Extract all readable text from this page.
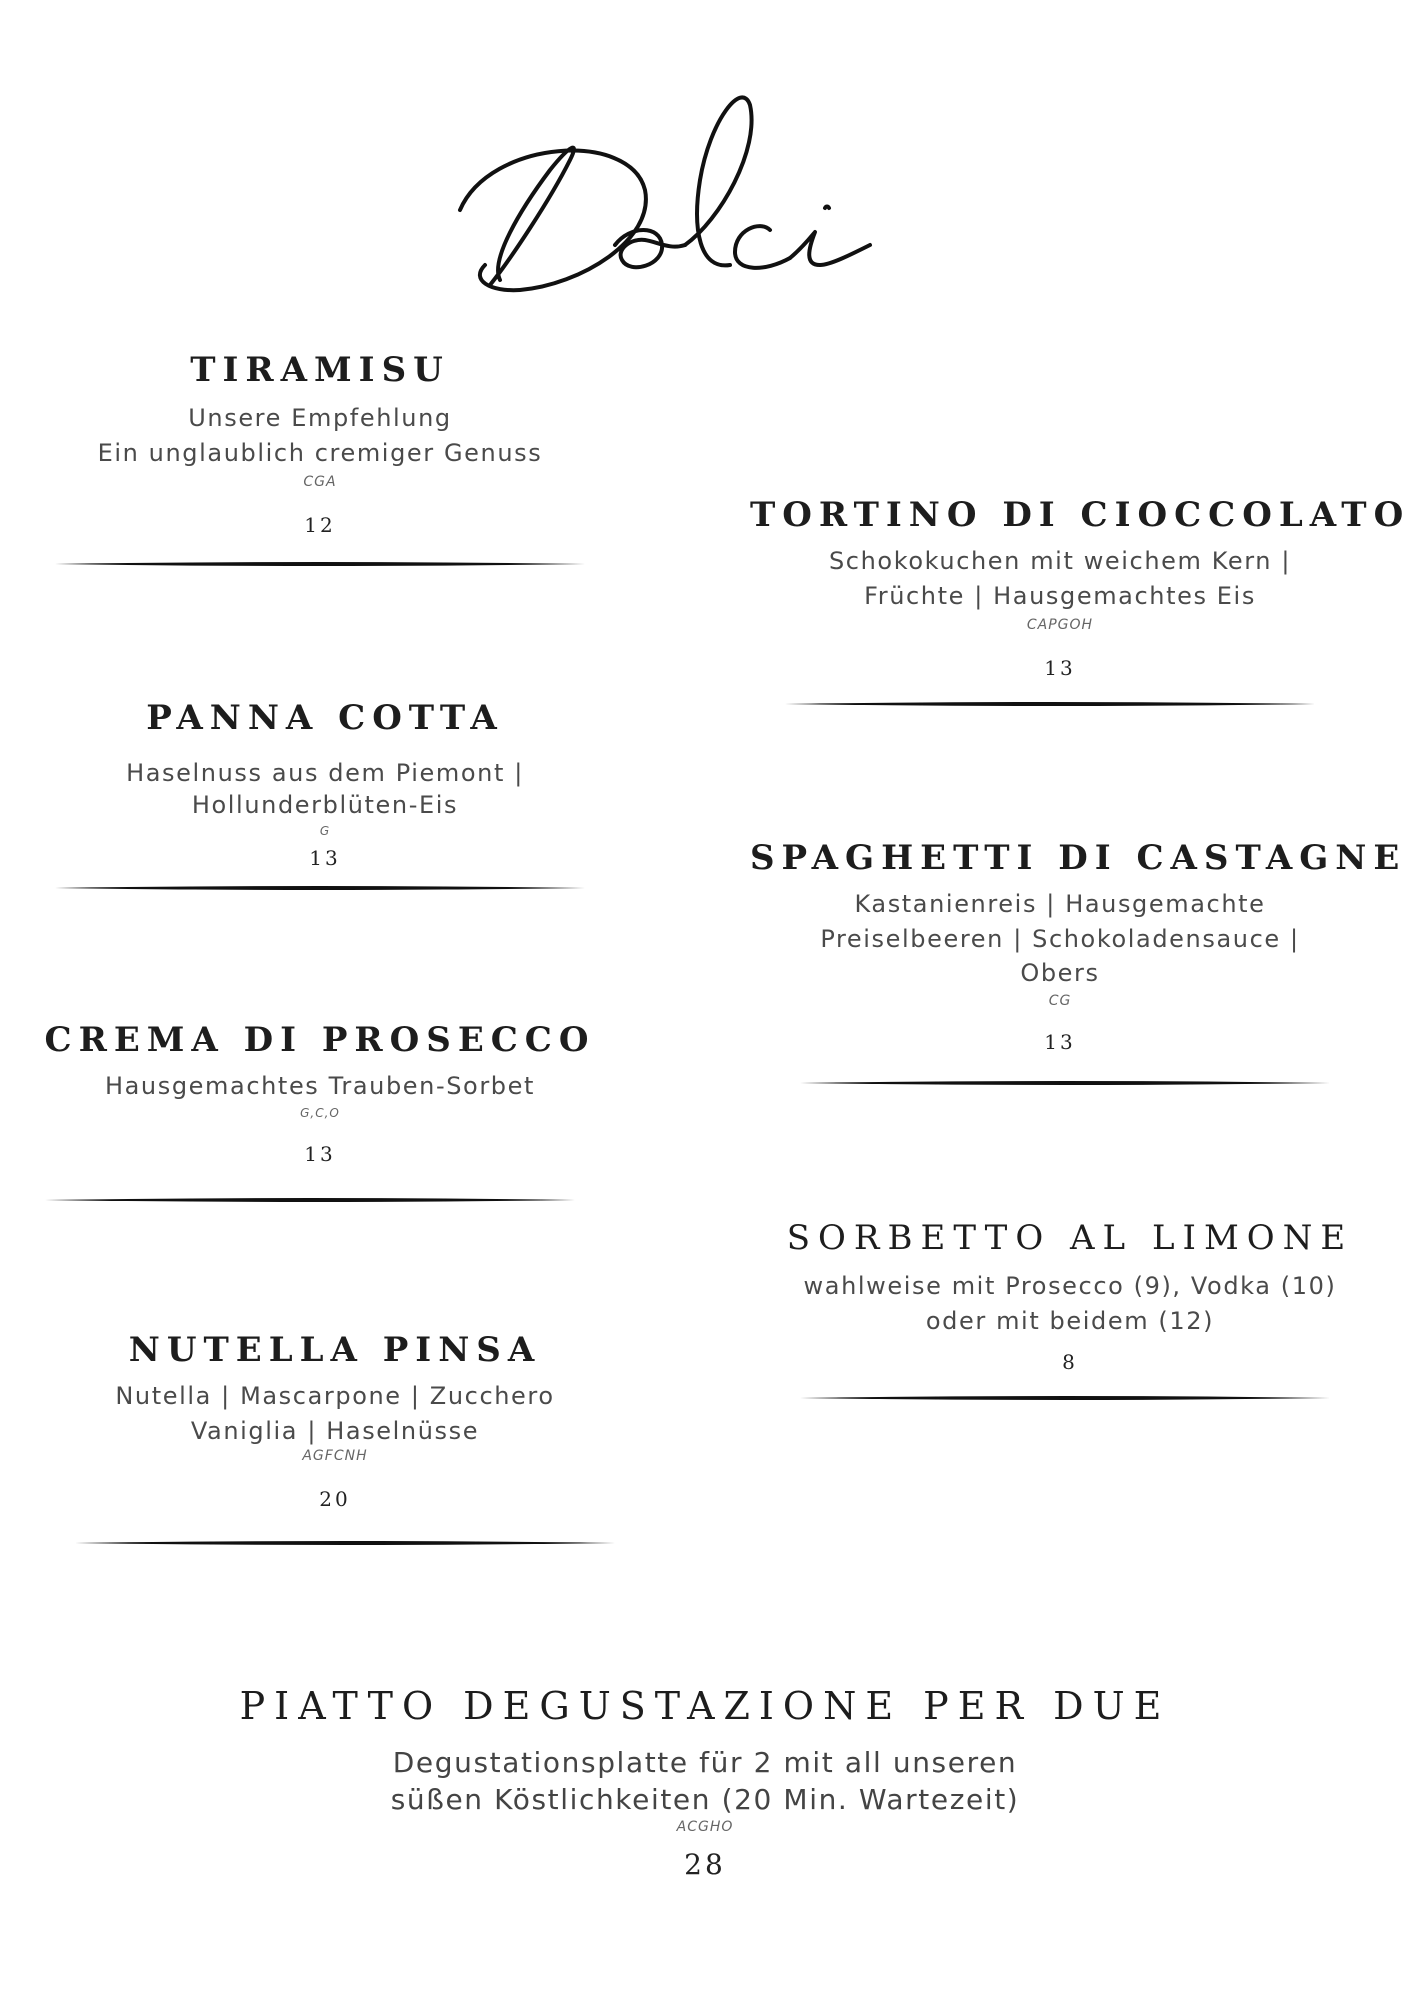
TIRAMISU
Unsere Empfehlung
Ein unglaublich cremiger Genuss
CGA
12	TORTINO DI CIOCCOLATO
Schokokuchen mit weichem Kern |
Früchte | Hausgemachtes Eis
CAPGOH
13
PANNA COTTA
Haselnuss aus dem Piemont |
Hollunderblüten-Eis
G
13	SPAGHETTI DI CASTAGNE
Kastanienreis | Hausgemachte
Preiselbeeren | Schokoladensauce |
Obers
CG
13
CREMA DI PROSECCO
Hausgemachtes Trauben-Sorbet
G,C,O
13
SORBETTO AL LIMONE
wahlweise mit Prosecco (9), Vodka (10)
oder mit beidem (12)
8
NUTELLA PINSA
Nutella | Mascarpone | Zucchero
Vaniglia | Haselnüsse
AGFCNH
20
PIATTO DEGUSTAZIONE PER DUE
Degustationsplatte für 2 mit all unseren
süßen Köstlichkeiten (20 Min. Wartezeit)
ACGHO
28
